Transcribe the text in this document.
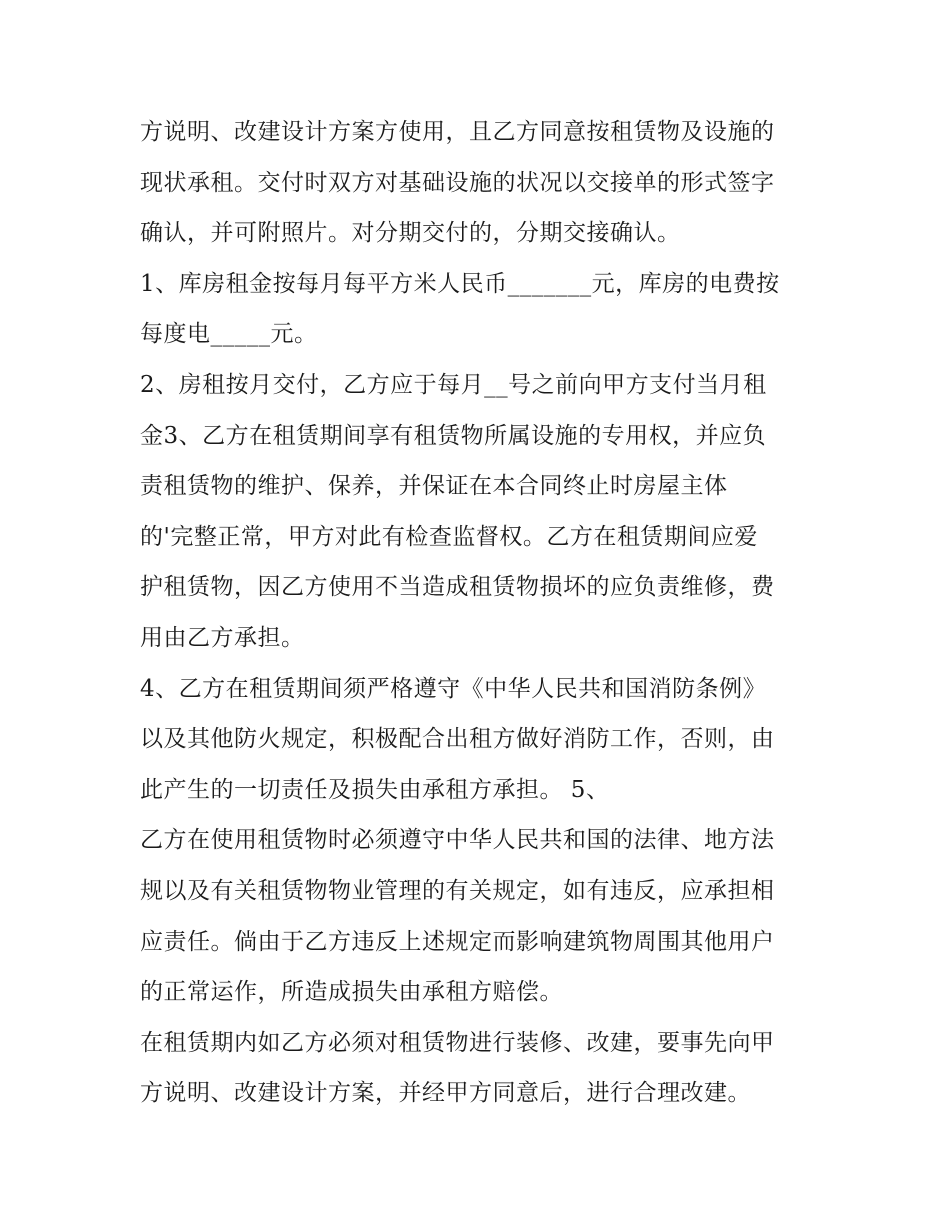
方说明、改建设计方案方使用，且乙方同意按租赁物及设施的
现状承租。交付时双方对基础设施的状况以交接单的形式签字
确认，并可附照片。对分期交付的，分期交接确认。
1、库房租金按每月每平方米人民币_______元，库房的电费按
每度电_____元。
2、房租按月交付，乙方应于每月__号之前向甲方支付当月租
金3、乙方在租赁期间享有租赁物所属设施的专用权，并应负
责租赁物的维护、保养，并保证在本合同终止时房屋主体
的'完整正常，甲方对此有检查监督权。乙方在租赁期间应爱
护租赁物，因乙方使用不当造成租赁物损坏的应负责维修，费
用由乙方承担。
4、乙方在租赁期间须严格遵守《中华人民共和国消防条例》
以及其他防火规定，积极配合出租方做好消防工作，否则，由
此产生的一切责任及损失由承租方承担。 5、
乙方在使用租赁物时必须遵守中华人民共和国的法律、地方法
规以及有关租赁物物业管理的有关规定，如有违反，应承担相
应责任。倘由于乙方违反上述规定而影响建筑物周围其他用户
的正常运作，所造成损失由承租方赔偿。
在租赁期内如乙方必须对租赁物进行装修、改建，要事先向甲
方说明、改建设计方案，并经甲方同意后，进行合理改建。
